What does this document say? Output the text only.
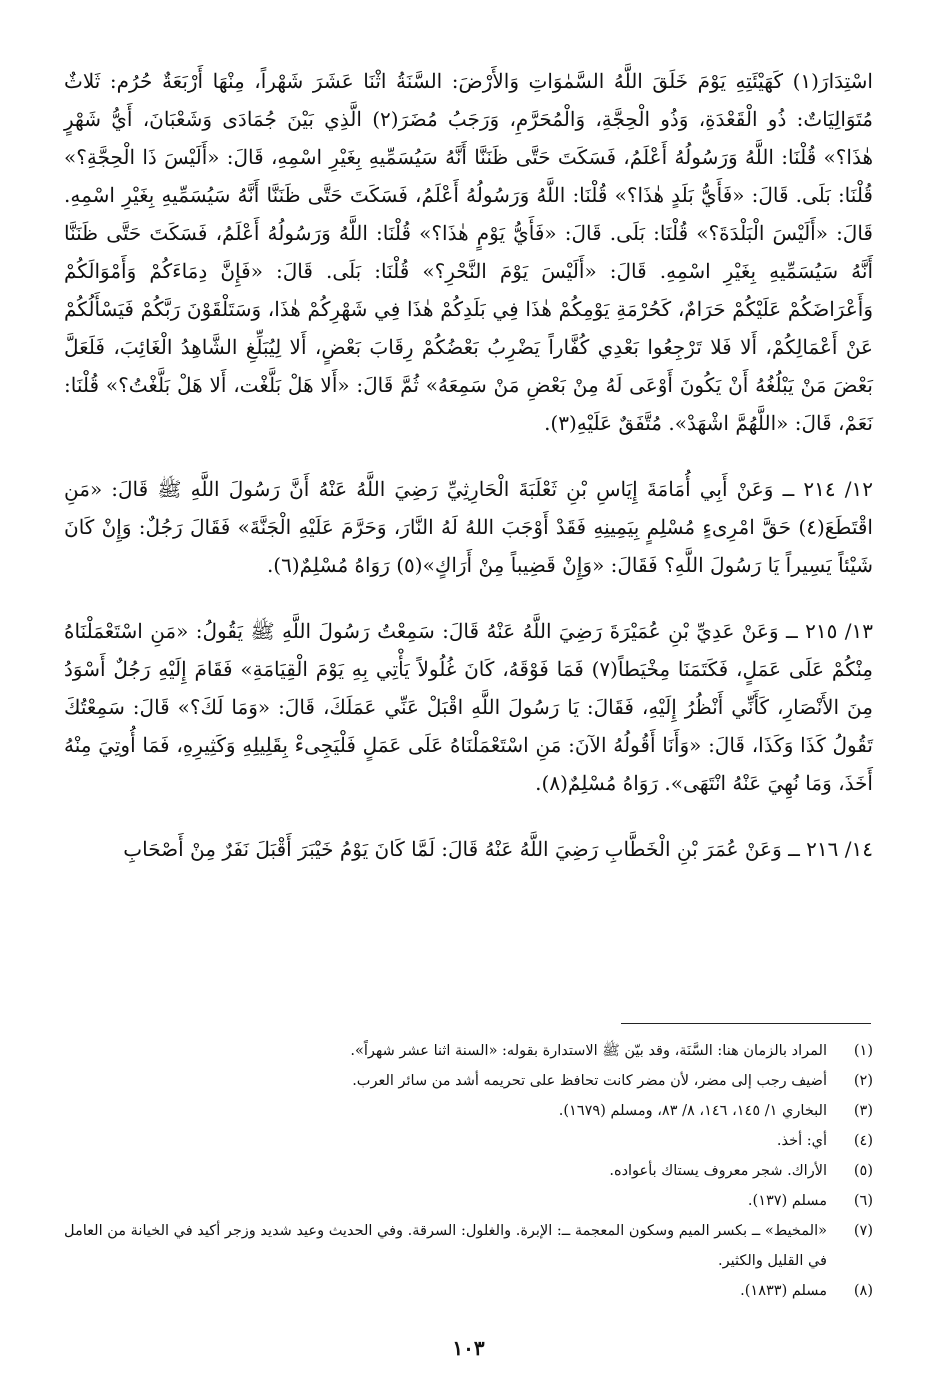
اسْتِدَارَ(١) كَهَيْئَتِهِ يَوْمَ خَلَقَ اللَّهُ السَّمٰوَاتِ وَالأَرْضَ: السَّنَةُ اثْنَا عَشَرَ شَهْراً، مِنْهَا أَرْبَعَةٌ حُرُم: ثَلاثٌ مُتَوَالِيَاتٌ: ذُو الْقَعْدَةِ، وَذُو الْحِجَّةِ، وَالْمُحَرَّمِ، وَرَجَبُ مُضَرَ(٢) الَّذِي بَيْنَ جُمَادَى وَشَعْبَانَ، أَيُّ شَهْرٍ هٰذَا؟» قُلْنَا: اللَّهُ وَرَسُولُهُ أَعْلَمُ، فَسَكَتَ حَتَّى ظَنَنَّا أَنَّهُ سَيُسَمِّيهِ بِغَيْرِ اسْمِهِ، قَالَ: «أَلَيْسَ ذَا الْحِجَّةِ؟» قُلْنَا: بَلَى. قَالَ: «فَأَيُّ بَلَدٍ هٰذَا؟» قُلْنَا: اللَّهُ وَرَسُولُهُ أَعْلَمُ، فَسَكَتَ حَتَّى ظَنَنَّا أَنَّهُ سَيُسَمِّيهِ بِغَيْرِ اسْمِهِ. قَالَ: «أَلَيْسَ الْبَلْدَةَ؟» قُلْنَا: بَلَى. قَالَ: «فَأَيُّ يَوْمٍ هٰذَا؟» قُلْنَا: اللَّهُ وَرَسُولُهُ أَعْلَمُ، فَسَكَتَ حَتَّى ظَنَنَّا أَنَّهُ سَيُسَمِّيهِ بِغَيْرِ اسْمِهِ. قَالَ: «أَلَيْسَ يَوْمَ النَّحْرِ؟» قُلْنَا: بَلَى. قَالَ: «فَإِنَّ دِمَاءَكُمْ وَأَمْوَالَكُمْ وَأَعْرَاضَكُمْ عَلَيْكُمْ حَرَامٌ، كَحُرْمَةِ يَوْمِكُمْ هٰذَا فِي بَلَدِكُمْ هٰذَا فِي شَهْرِكُمْ هٰذَا، وَسَتَلْقَوْنَ رَبَّكُمْ فَيَسْأَلُكُمْ عَنْ أَعْمَالِكُمْ، أَلا فَلا تَرْجِعُوا بَعْدِي كُفَّاراً يَضْرِبُ بَعْضُكُمْ رِقَابَ بَعْضٍ، أَلا لِيُبَلِّغِ الشَّاهِدُ الْغَائِبَ، فَلَعَلَّ بَعْضَ مَنْ يَبْلُغُهُ أَنْ يَكُونَ أَوْعَى لَهُ مِنْ بَعْضِ مَنْ سَمِعَهُ» ثُمَّ قَالَ: «أَلا هَلْ بَلَّغْت، أَلا هَلْ بَلَّغْتُ؟» قُلْنَا: نَعَمْ، قَالَ: «اللَّهُمَّ اشْهَدْ». مُتَّفَقٌ عَلَيْهِ(٣).

١٢/ ٢١٤ ــ وَعَنْ أَبِي أُمَامَةَ إِيَاسِ بْنِ ثَعْلَبَةَ الْحَارِثِيِّ رَضِيَ اللَّهُ عَنْهُ أَنَّ رَسُولَ اللَّهِ ﷺ قَالَ: «مَنِ اقْتَطَعَ(٤) حَقَّ امْرِىءٍ مُسْلِمٍ بِيَمِينِهِ فَقَدْ أَوْجَبَ اللهُ لَهُ النَّارَ، وَحَرَّمَ عَلَيْهِ الْجَنَّةَ» فَقَالَ رَجُلٌ: وَإِنْ كَانَ شَيْئاً يَسِيراً يَا رَسُولَ اللَّهِ؟ فَقَالَ: «وَإِنْ قَضِيباً مِنْ أَرَاكٍ»(٥) رَوَاهُ مُسْلِمٌ(٦).

١٣/ ٢١٥ ــ وَعَنْ عَدِيِّ بْنِ عُمَيْرَةَ رَضِيَ اللَّهُ عَنْهُ قَالَ: سَمِعْتُ رَسُولَ اللَّهِ ﷺ يَقُولُ: «مَنِ اسْتَعْمَلْنَاهُ مِنْكُمْ عَلَى عَمَلٍ، فَكَتَمَنَا مِخْيَطاً(٧) فَمَا فَوْقَهُ، كَانَ غُلُولاً يَأْتِي بِهِ يَوْمَ الْقِيَامَةِ» فَقَامَ إِلَيْهِ رَجُلٌ أَسْوَدُ مِنَ الأَنْصَارِ، كَأَنِّي أَنْظُرُ إِلَيْهِ، فَقَالَ: يَا رَسُولَ اللَّهِ اقْبَلْ عَنِّي عَمَلَكَ، قَالَ: «وَمَا لَكَ؟» قَالَ: سَمِعْتُكَ تَقُولُ كَذَا وَكَذَا، قَالَ: «وَأَنَا أَقُولُهُ الآنَ: مَنِ اسْتَعْمَلْنَاهُ عَلَى عَمَلٍ فَلْيَجِىءْ بِقَلِيلِهِ وَكَثِيرِهِ، فَمَا أُوتِيَ مِنْهُ أَخَذَ، وَمَا نُهِيَ عَنْهُ انْتَهَى». رَوَاهُ مُسْلِمٌ(٨).

١٤/ ٢١٦ ــ وَعَنْ عُمَرَ بْنِ الْخَطَّابِ رَضِيَ اللَّهُ عَنْهُ قَالَ: لَمَّا كَانَ يَوْمُ خَيْبَرَ أَقْبَلَ نَفَرٌ مِنْ أَصْحَابِ

(١)
المراد بالزمان هنا: السَّنَة، وقد بيّن ﷺ الاستدارة بقوله: «السنة اثنا عشر شهراً».
(٢)
أضيف رجب إلى مضر، لأن مضر كانت تحافظ على تحريمه أشد من سائر العرب.
(٣)
البخاري ١/ ١٤٥، ١٤٦، ٨/ ٨٣، ومسلم (١٦٧٩).
(٤)
أي: أخذ.
(٥)
الأراك. شجر معروف يستاك بأعواده.
(٦)
مسلم (١٣٧).
(٧)
«المخيط» ــ بكسر الميم وسكون المعجمة ــ: الإبرة. والغلول: السرقة. وفي الحديث وعيد شديد وزجر أكيد في الخيانة من العامل في القليل والكثير.
(٨)
مسلم (١٨٣٣).
١٠٣
